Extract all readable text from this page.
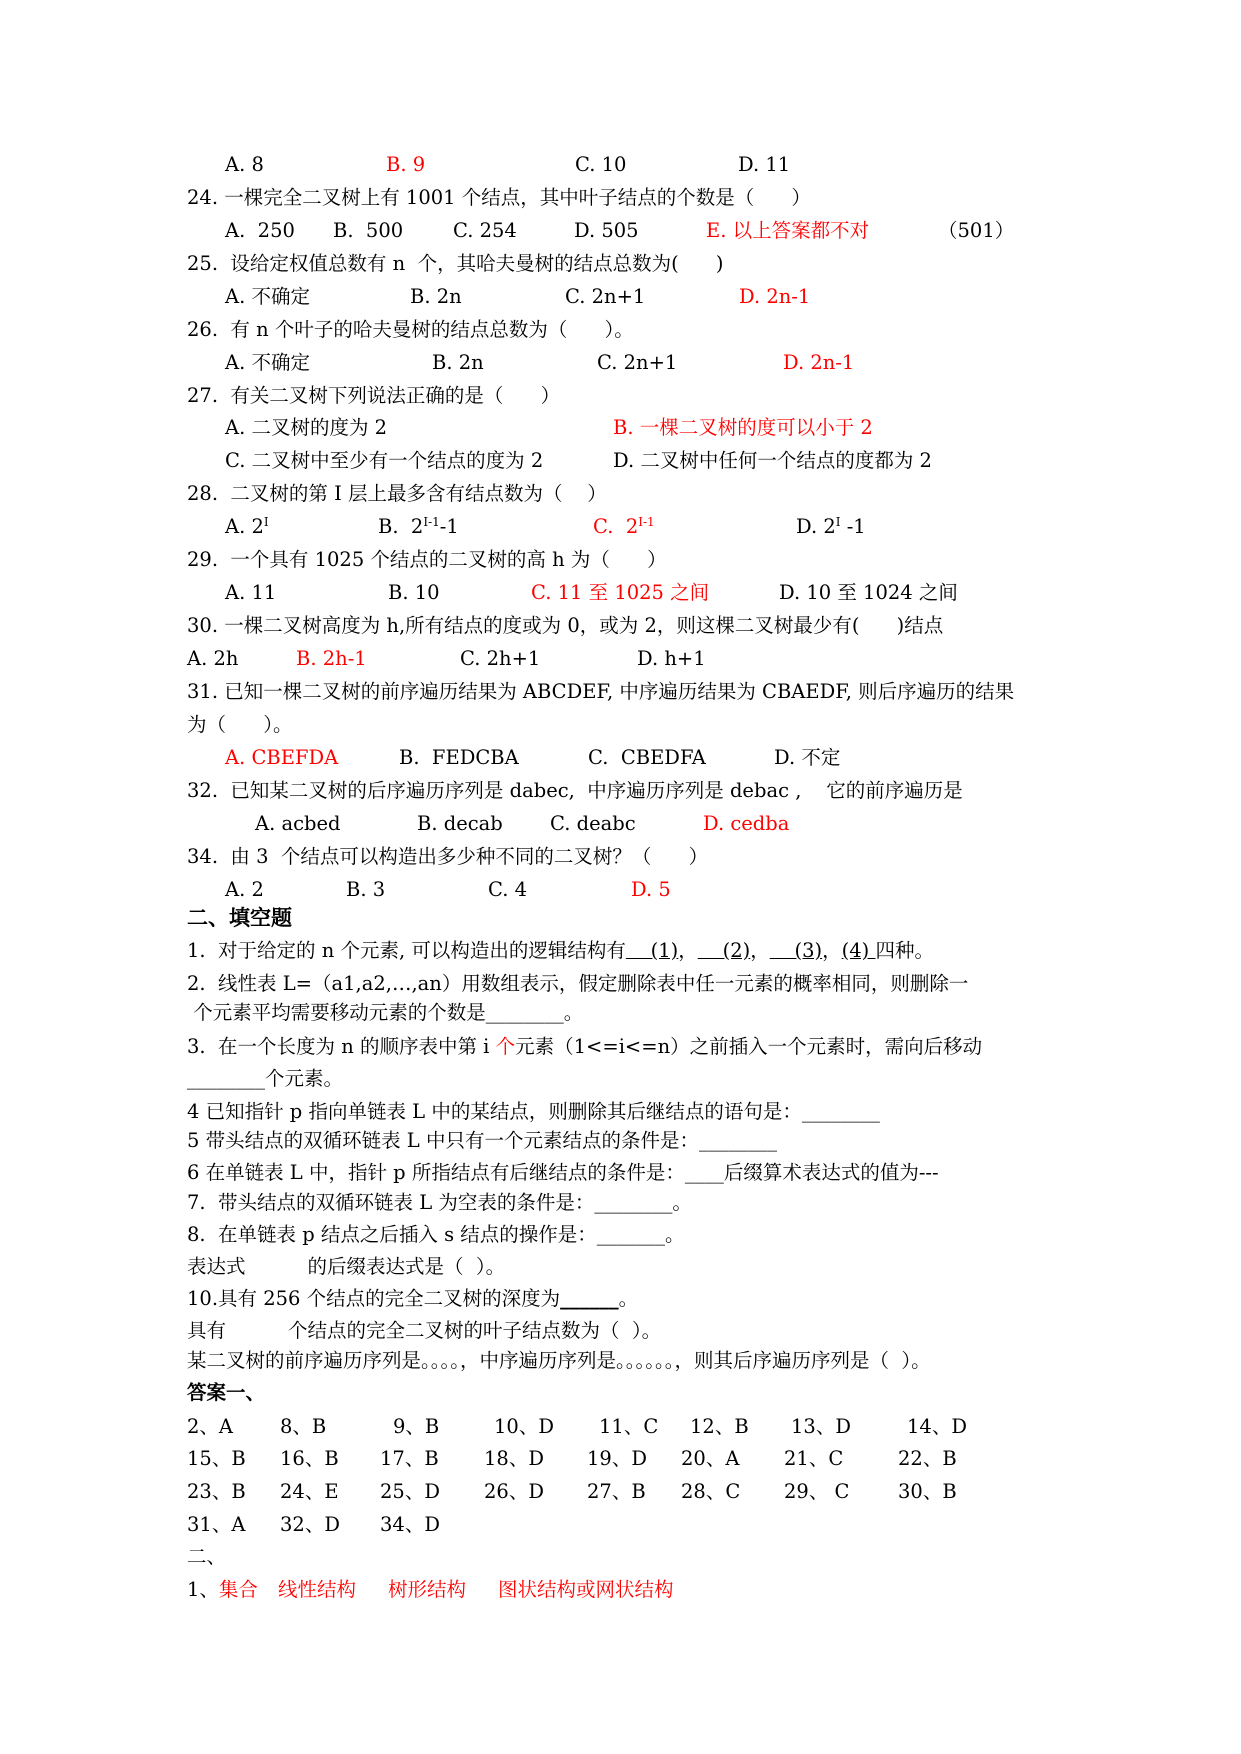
A. 8	B. 9	C. 10	D. 11
24. 一棵完全二叉树上有 1001 个结点，其中叶子结点的个数是（      ）
A.  250 B.  500	C. 254	D. 505	E. 以上答案都不对	（501）
25.  设给定权值总数有 n  个，其哈夫曼树的结点总数为(      )
A. 不确定	B. 2n	C. 2n+1	D. 2n-1
26.  有 n 个叶子的哈夫曼树的结点总数为（      ）。
A. 不确定	B. 2n	C. 2n+1	D. 2n-1
27.  有关二叉树下列说法正确的是（      ）
A. 二叉树的度为 2	B. 一棵二叉树的度可以小于 2
C. 二叉树中至少有一个结点的度为 2	D. 二叉树中任何一个结点的度都为 2
28.  二叉树的第 I 层上最多含有结点数为（    ）
A. $2^I$	B.  $2^{I-1}-1$	C.  $2^{I-1}$	D. $2^I$ -1
29.  一个具有 1025 个结点的二叉树的高 h 为（      ）
A. 11	B. 10	C. 11 至 1025 之间	D. 10 至 1024 之间
30. 一棵二叉树高度为 h,所有结点的度或为 0，或为 2，则这棵二叉树最少有(      )结点
A. 2h	B. 2h-1	C. 2h+1	D. h+1
31. 已知一棵二叉树的前序遍历结果为 ABCDEF, 中序遍历结果为 CBAEDF, 则后序遍历的结果
为（      ）。
A. CBEFDA	B.  FEDCBA	C.  CBEDFA	D. 不定
32.  已知某二叉树的后序遍历序列是 dabec,  中序遍历序列是 debac ,    它的前序遍历是
A. acbed	B. decab C. deabc	D. cedba
34.  由 3  个结点可以构造出多少种不同的二叉树？（      ）
A. 2	B. 3	C. 4	D. 5
二、填空题
1.  对于给定的 n 个元素, 可以构造出的逻辑结构有    (1)，    (2)，    (3)，(4) 四种。
2.  线性表 L=（a1,a2,…,an）用数组表示，假定删除表中任一元素的概率相同，则删除一
个元素平均需要移动元素的个数是________。
3.  在一个长度为 n 的顺序表中第 i 个元素（1<=i<=n）之前插入一个元素时，需向后移动
________个元素。
4 已知指针 p 指向单链表 L 中的某结点，则删除其后继结点的语句是：________
5 带头结点的双循环链表 L 中只有一个元素结点的条件是：________
6 在单链表 L 中，指针 p 所指结点有后继结点的条件是：____后缀算术表达式的值为---
7.  带头结点的双循环链表 L 为空表的条件是：________。
8.  在单链表 p 结点之后插入 s 结点的操作是：_______。
表达式          的后缀表达式是（  ）。
10.具有 256 个结点的完全二叉树的深度为______。
具有          个结点的完全二叉树的叶子结点数为（  ）。
某二叉树的前序遍历序列是。。。。，中序遍历序列是。。。。。。，则其后序遍历序列是（  ）。
答案一、
2、A 8、B	9、B	10、D 11、C 12、B 13、D	14、D
15、B 16、B 17、B 18、D 19、D 20、A 21、C	22、B
23、B 24、E 25、D 26、D 27、B 28、C 29、 C 30、B
31、A 32、D 34、D
二、
1、集合 线性结构 树形结构 图状结构或网状结构
